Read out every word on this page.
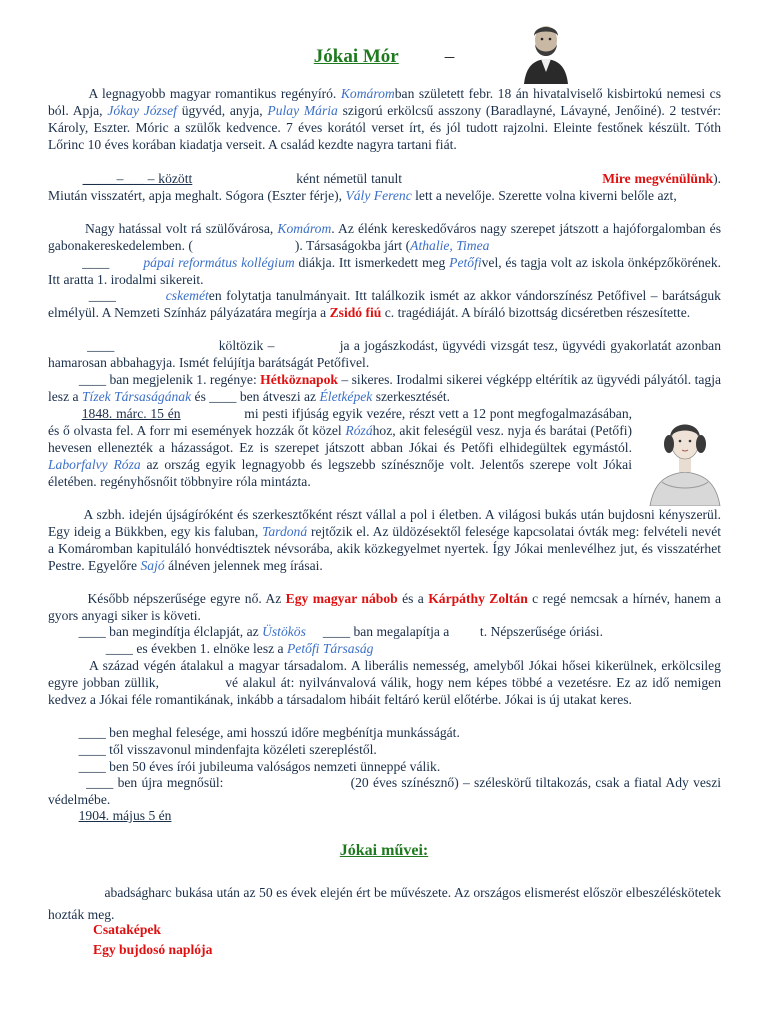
Jókai Mór –
A legnagyobb magyar romantikus regényíró. Komáromban született febr. 18 án hivatalviselő kisbirtokú nemesi cs ból. Apja, Jókay József ügyvéd, anyja, Pulay Mária szigorú erkölcsű asszony (Baradlayné, Lávayné, Jenőiné). 2 testvér: Károly, Eszter. Móric a szülők kedvence. 7 éves korától verset írt, és jól tudott rajzolni. Eleinte festőnek készült. Tóth Lőrinc 10 éves korában kiadatja verseit. A család kezdte nagyra tartani fiát.
_____–___ – között	ként németül tanult	Mire megvénülünk). Miután visszatért, apja meghalt. Sógora (Eszter férje), Vály Ferenc lett a nevelője. Szerette volna kiverni belőle azt,
Nagy hatással volt rá szülővárosa, Komárom. Az élénk kereskedőváros nagy szerepet játszott a hajóforgalomban és gabonakereskedelemben. (	). Társaságokba járt (Athalie, Timea
____	pápai református kollégium diákja. Itt ismerkedett meg Petőfivel, és tagja volt az iskola önképzőkörének. Itt aratta 1. irodalmi sikereit.
____	cskeméten folytatja tanulmányait. Itt találkozik ismét az akkor vándorszínész Petőfivel – barátságuk elmélyül. A Nemzeti Színház pályázatára megírja a Zsidó fiú c. tragédiáját. A bíráló bizottság dicséretben részesítette.
____	költözik –	ja a jogászkodást, ügyvédi vizsgát tesz, ügyvédi gyakorlatát azonban hamarosan abbahagyja. Ismét felújítja barátságát Petőfivel.
____ ban megjelenik 1. regénye: Hétköznapok – sikeres. Irodalmi sikerei végképp eltérítik az ügyvédi pályától. tagja lesz a Tízek Társaságának és ____ ben átveszi az Életképek szerkesztését.
1848. márc. 15 én	mi pesti ifjúság egyik vezére, részt vett a 12 pont megfogalmazásában, és ő olvasta fel. A forr mi események hozzák őt közel Rózához, akit feleségül vesz. nyja és barátai (Petőfi) hevesen ellenezték a házasságot. Ez is szerepet játszott abban Jókai és Petőfi elhidegültek egymástól. Laborfalvy Róza az ország egyik legnagyobb és legszebb színésznője volt. Jelentős szerepe volt Jókai életében. regényhősnőit többnyire róla mintázta.
A szbh. idején újságíróként és szerkesztőként részt vállal a pol i életben. A világosi bukás után bujdosni kényszerül. Egy ideig a Bükkben, egy kis faluban, Tardoná rejtőzik el. Az üldözésektől felesége kapcsolatai óvták meg: felvételi nevét a Komáromban kapituláló honvédtisztek névsorába, akik közkegyelmet nyertek. Így Jókai menlevélhez jut, és visszatérhet Pestre. Egyelőre Sajó álnéven jelennek meg írásai.
Később népszerűsége egyre nő. Az Egy magyar nábob és a Kárpáthy Zoltán c regé nemcsak a hírnév, hanem a gyors anyagi siker is követi.
____ ban megindítja élclapját, az Üstökös ____ ban megalapítja a t. Népszerűsége óriási.
____ es években 1. elnöke lesz a Petőfi Társaság
A század végén átalakul a magyar társadalom. A liberális nemesség, amelyből Jókai hősei kikerülnek, erkölcsileg egyre jobban züllik,	vé alakul át: nyilvánvalová válik, hogy nem képes többé a vezetésre. Ez az idő nemigen kedvez a Jókai féle romantikának, inkább a társadalom hibáit feltáró kerül előtérbe. Jókai is új utakat keres.
____ ben meghal felesége, ami hosszú időre megbénítja munkásságát.
____ től visszavonul mindenfajta közéleti szerepléstől.
____ ben 50 éves írói jubileuma valóságos nemzeti ünneppé válik.
____ ben újra megnősül:	(20 éves színésznő) – széleskörű tiltakozás, csak a fiatal Ady veszi védelmébe.
1904. május 5 én
Jókai művei:
abadságharc bukása után az 50 es évek elején ért be művészete. Az országos elismerést először elbeszéléskötetek hozták meg.
Csataképek
Egy bujdosó naplója
